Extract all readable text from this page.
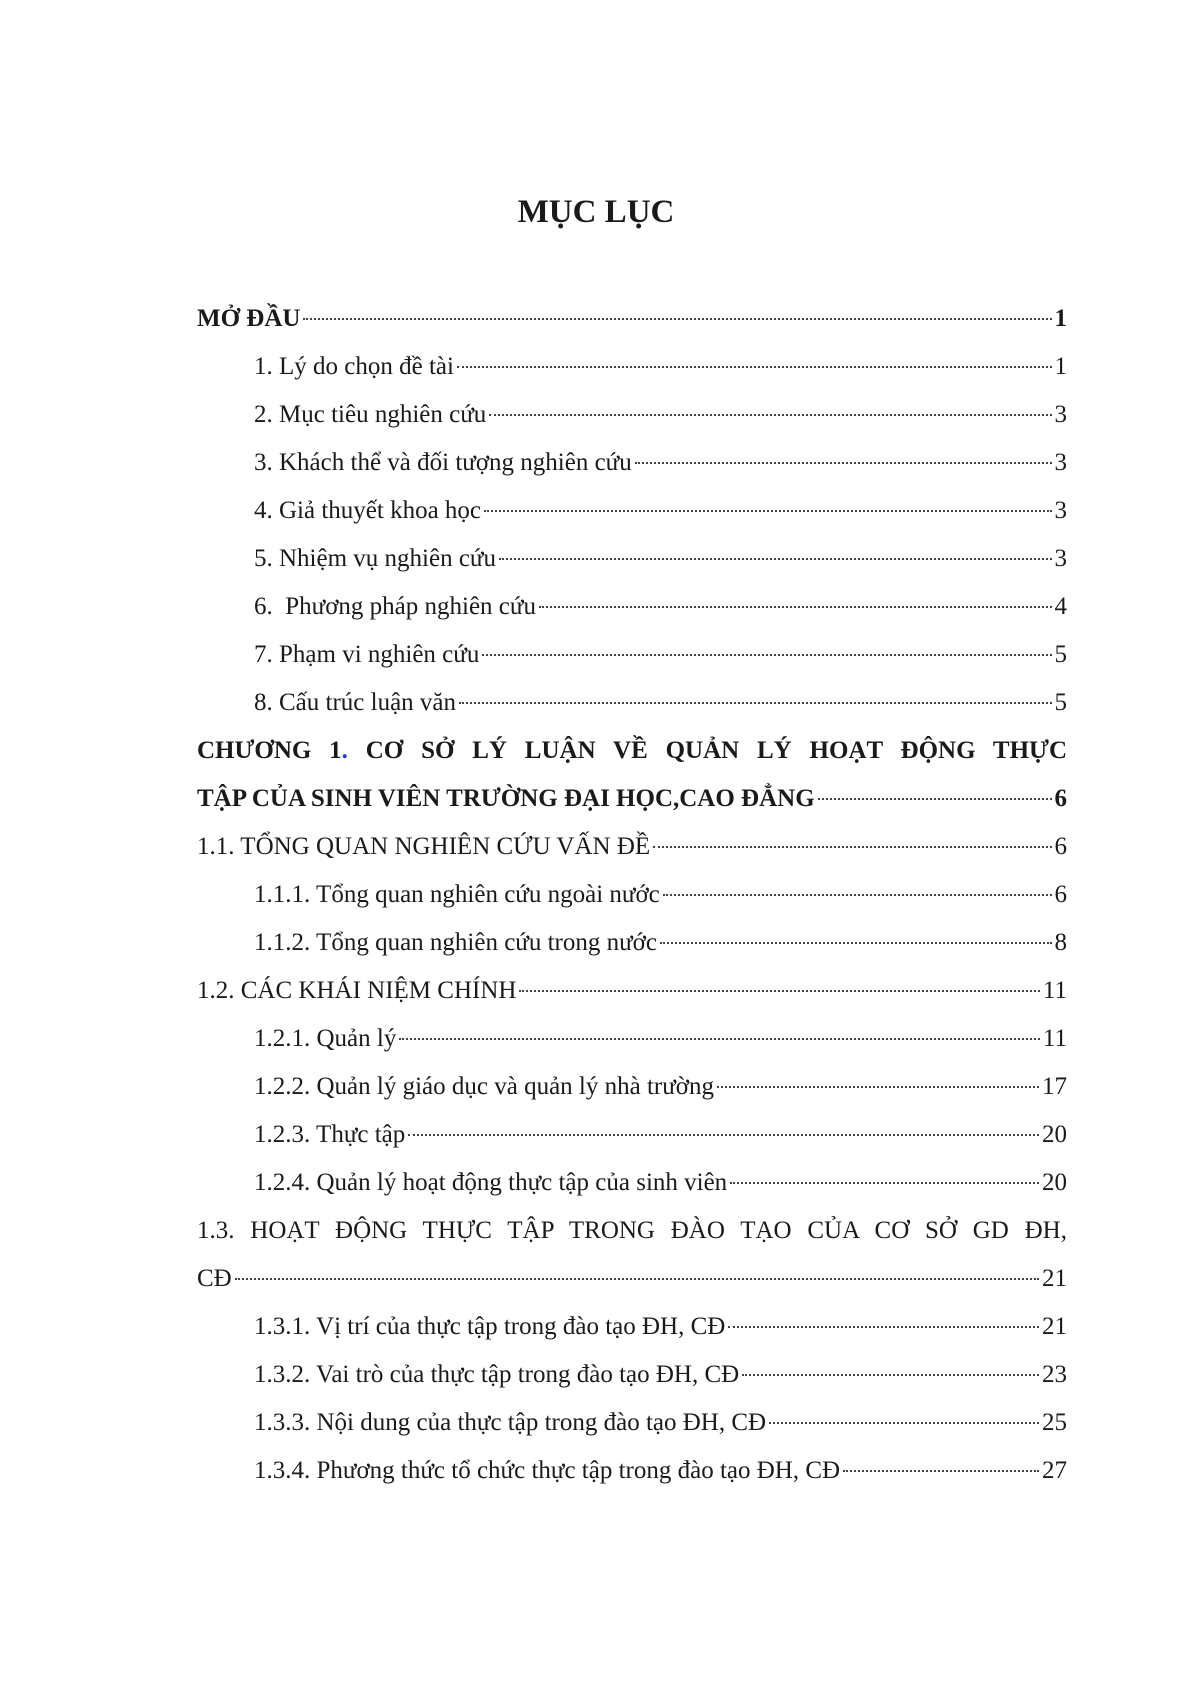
MỤC LỤC
MỞ ĐẦU	1
1. Lý do chọn đề tài	1
2. Mục tiêu nghiên cứu	3
3. Khách thể và đối tượng nghiên cứu	3
4. Giả thuyết khoa học	3
5. Nhiệm vụ nghiên cứu	3
6.  Phương pháp nghiên cứu	4
7. Phạm vi nghiên cứu	5
8. Cấu trúc luận văn	5
CHƯƠNG 1. CƠ SỞ LÝ LUẬN VỀ QUẢN LÝ HOẠT ĐỘNG THỰC
TẬP CỦA SINH VIÊN TRƯỜNG ĐẠI HỌC,CAO ĐẲNG	6
1.1. TỔNG QUAN NGHIÊN CỨU VẤN ĐỀ	6
1.1.1. Tổng quan nghiên cứu ngoài nước	6
1.1.2. Tổng quan nghiên cứu trong nước	8
1.2. CÁC KHÁI NIỆM CHÍNH	11
1.2.1. Quản lý	11
1.2.2. Quản lý giáo dục và quản lý nhà trường	17
1.2.3. Thực tập	20
1.2.4. Quản lý hoạt động thực tập của sinh viên	20
1.3. HOẠT ĐỘNG THỰC TẬP TRONG ĐÀO TẠO CỦA CƠ SỞ GD ĐH,
CĐ	21
1.3.1. Vị trí của thực tập trong đào tạo ĐH, CĐ	21
1.3.2. Vai trò của thực tập trong đào tạo ĐH, CĐ	23
1.3.3. Nội dung của thực tập trong đào tạo ĐH, CĐ	25
1.3.4. Phương thức tổ chức thực tập trong đào tạo ĐH, CĐ	27
